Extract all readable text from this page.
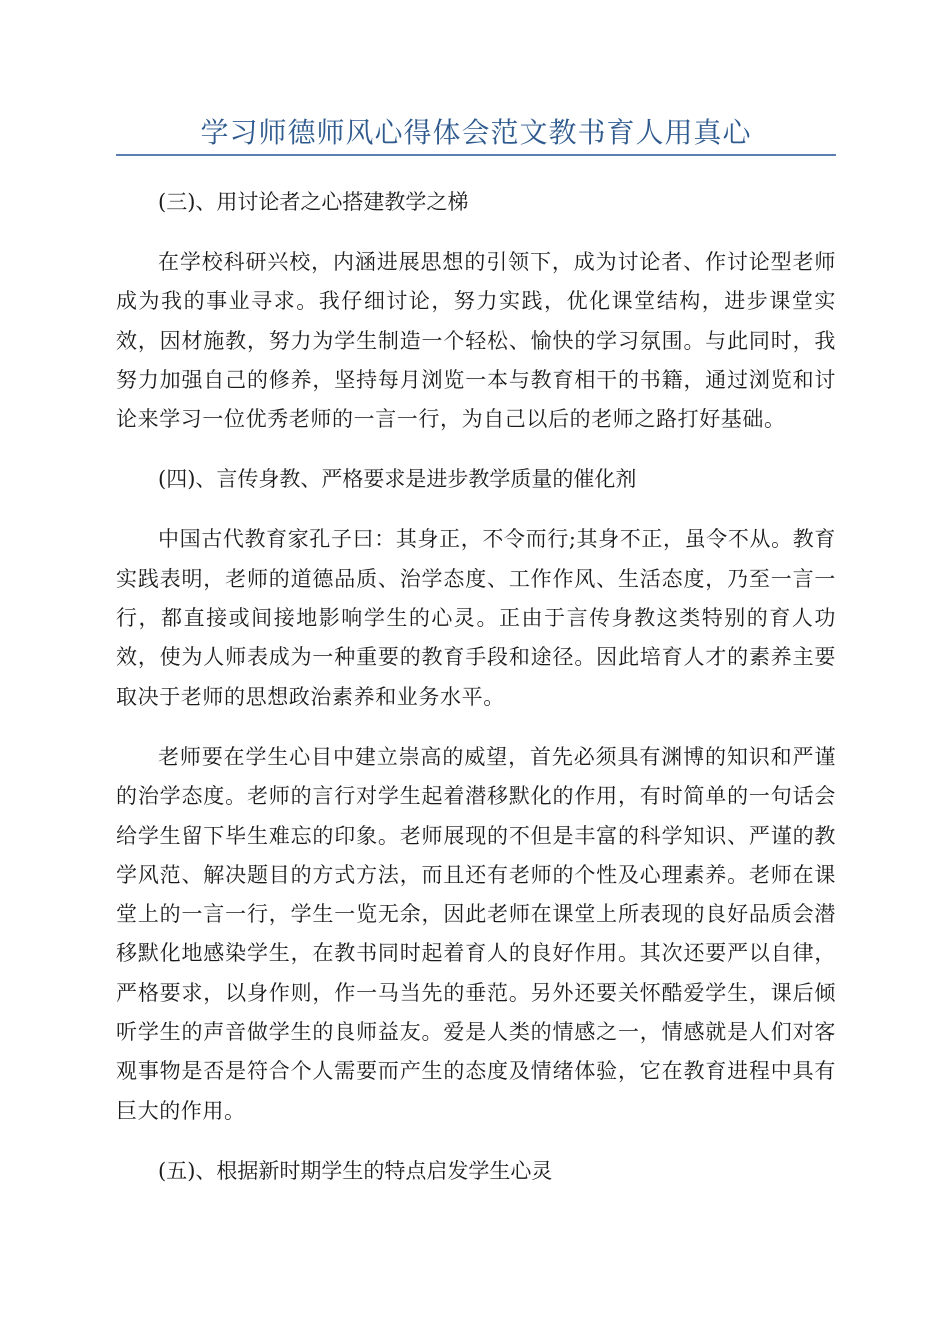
学习师德师风心得体会范文教书育人用真心

(三)、用讨论者之心搭建教学之梯

在学校科研兴校，内涵进展思想的引领下，成为讨论者、作讨论型老师成为我的事业寻求。我仔细讨论，努力实践，优化课堂结构，进步课堂实效，因材施教，努力为学生制造一个轻松、愉快的学习氛围。与此同时，我努力加强自己的修养，坚持每月浏览一本与教育相干的书籍，通过浏览和讨论来学习一位优秀老师的一言一行，为自己以后的老师之路打好基础。

(四)、言传身教、严格要求是进步教学质量的催化剂

中国古代教育家孔子曰：其身正，不令而行;其身不正，虽令不从。教育实践表明，老师的道德品质、治学态度、工作作风、生活态度，乃至一言一行，都直接或间接地影响学生的心灵。正由于言传身教这类特别的育人功效，使为人师表成为一种重要的教育手段和途径。因此培育人才的素养主要取决于老师的思想政治素养和业务水平。

老师要在学生心目中建立崇高的威望，首先必须具有渊博的知识和严谨的治学态度。老师的言行对学生起着潜移默化的作用，有时简单的一句话会给学生留下毕生难忘的印象。老师展现的不但是丰富的科学知识、严谨的教学风范、解决题目的方式方法，而且还有老师的个性及心理素养。老师在课堂上的一言一行，学生一览无余，因此老师在课堂上所表现的良好品质会潜移默化地感染学生，在教书同时起着育人的良好作用。其次还要严以自律，严格要求，以身作则，作一马当先的垂范。另外还要关怀酷爱学生，课后倾听学生的声音做学生的良师益友。爱是人类的情感之一，情感就是人们对客观事物是否是符合个人需要而产生的态度及情绪体验，它在教育进程中具有巨大的作用。

(五)、根据新时期学生的特点启发学生心灵
